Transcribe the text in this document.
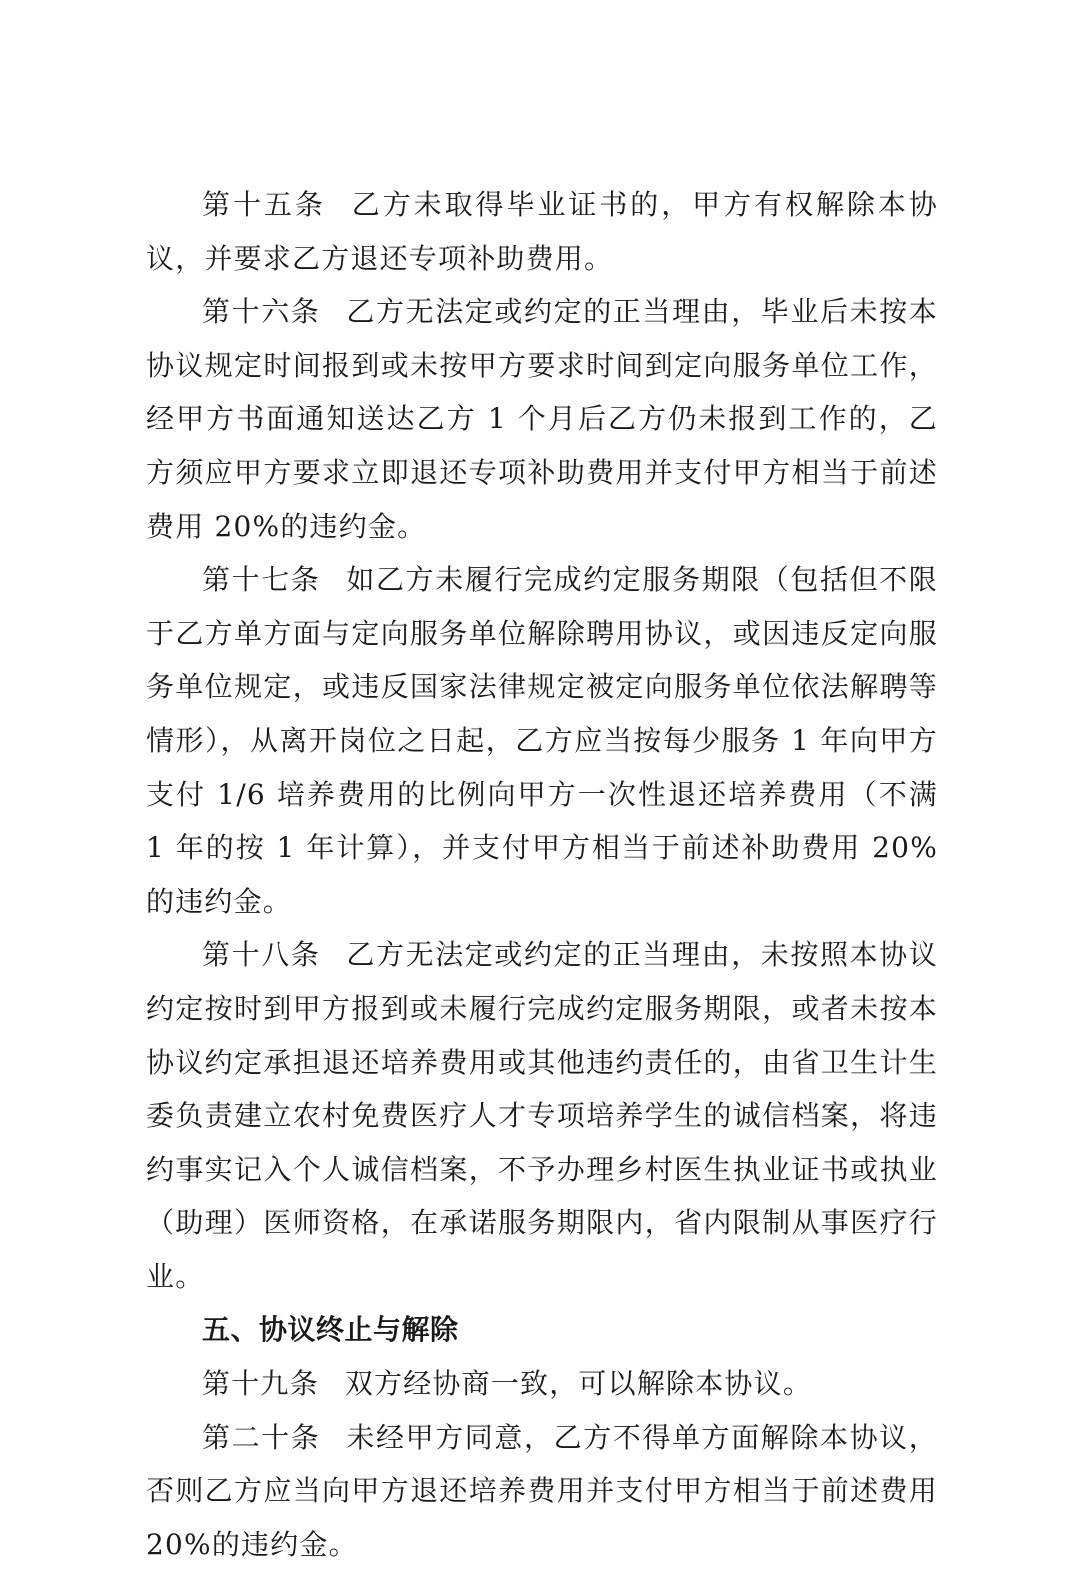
第十五条 乙方未取得毕业证书的，甲方有权解除本协议，并要求乙方退还专项补助费用。

第十六条 乙方无法定或约定的正当理由，毕业后未按本协议规定时间报到或未按甲方要求时间到定向服务单位工作，经甲方书面通知送达乙方 1 个月后乙方仍未报到工作的，乙方须应甲方要求立即退还专项补助费用并支付甲方相当于前述费用 20%的违约金。

第十七条 如乙方未履行完成约定服务期限（包括但不限于乙方单方面与定向服务单位解除聘用协议，或因违反定向服务单位规定，或违反国家法律规定被定向服务单位依法解聘等情形），从离开岗位之日起，乙方应当按每少服务 1 年向甲方支付 1/6 培养费用的比例向甲方一次性退还培养费用（不满 1 年的按 1 年计算），并支付甲方相当于前述补助费用 20%的违约金。

第十八条 乙方无法定或约定的正当理由，未按照本协议约定按时到甲方报到或未履行完成约定服务期限，或者未按本协议约定承担退还培养费用或其他违约责任的，由省卫生计生委负责建立农村免费医疗人才专项培养学生的诚信档案，将违约事实记入个人诚信档案，不予办理乡村医生执业证书或执业（助理）医师资格，在承诺服务期限内，省内限制从事医疗行业。

五、协议终止与解除

第十九条 双方经协商一致，可以解除本协议。

第二十条 未经甲方同意，乙方不得单方面解除本协议，否则乙方应当向甲方退还培养费用并支付甲方相当于前述费用 20%的违约金。
